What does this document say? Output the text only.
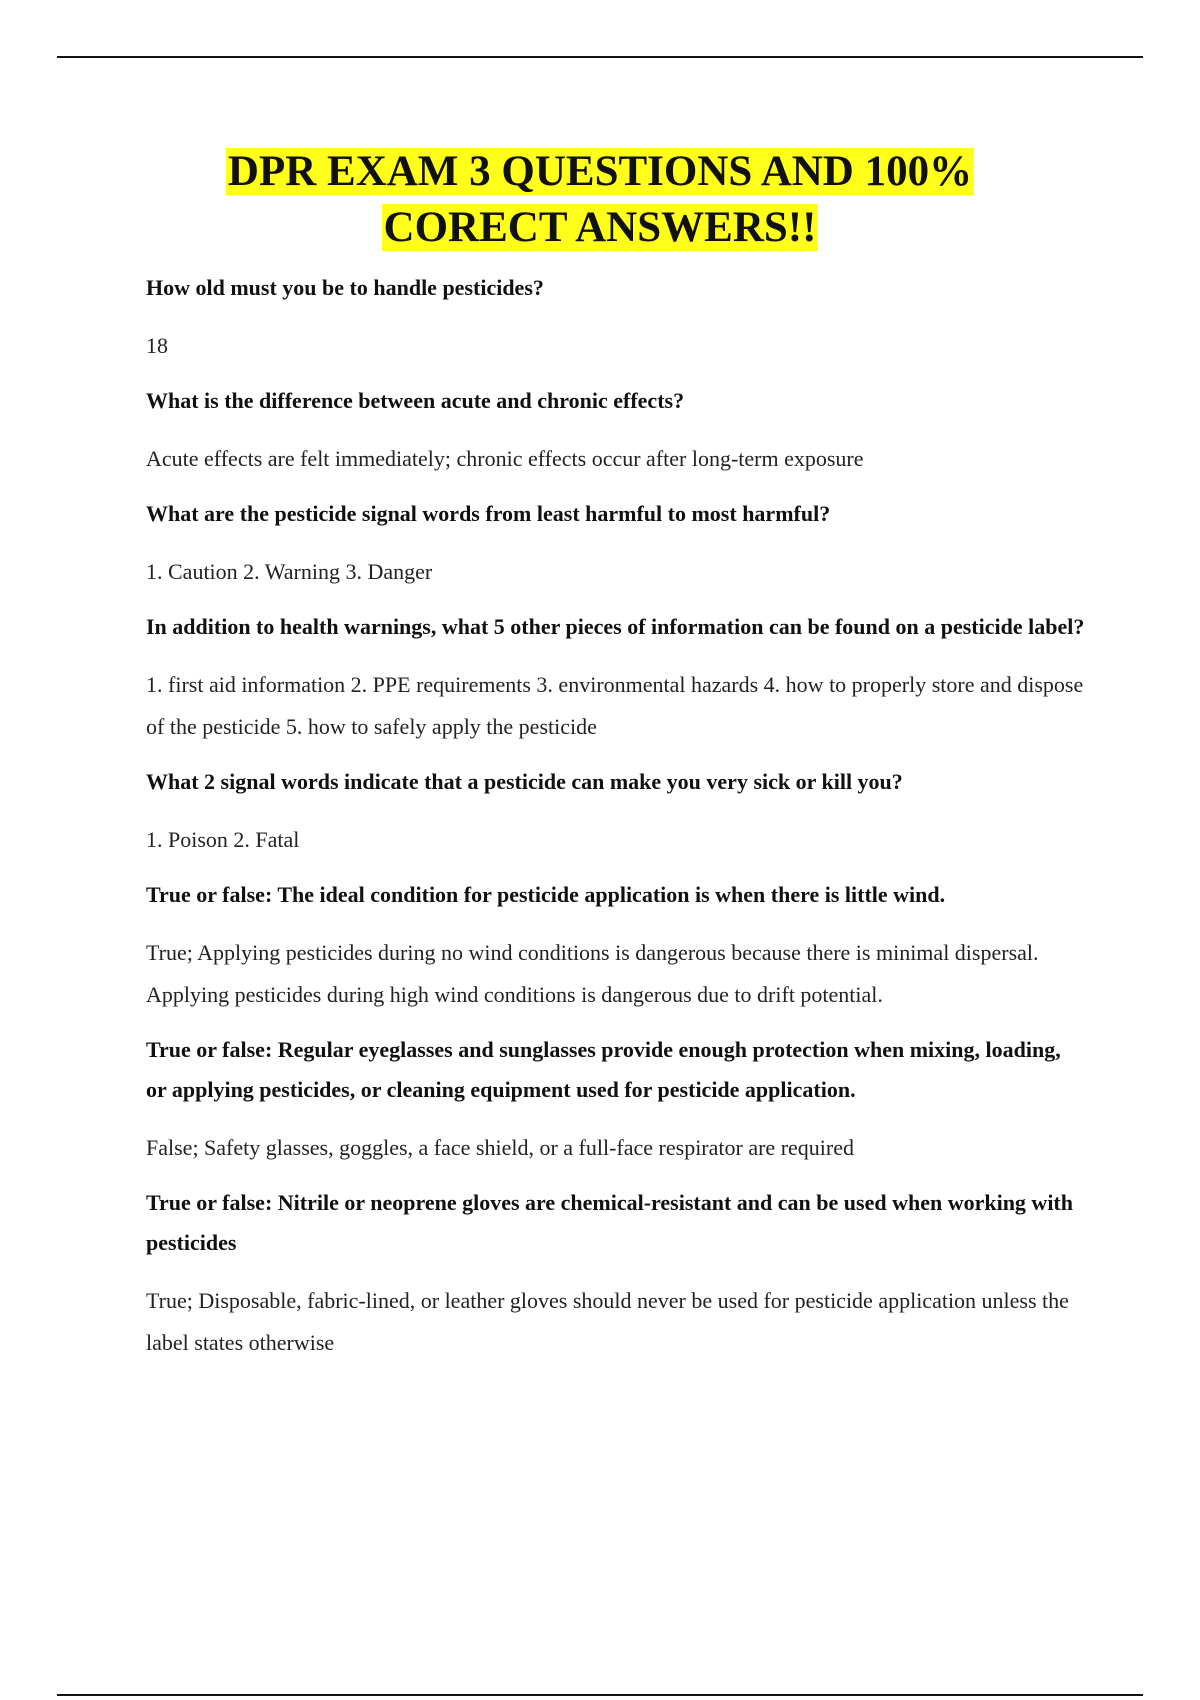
DPR EXAM 3 QUESTIONS AND 100%
CORECT ANSWERS!!

How old must you be to handle pesticides?

18

What is the difference between acute and chronic effects?

Acute effects are felt immediately; chronic effects occur after long-term exposure

What are the pesticide signal words from least harmful to most harmful?

1. Caution 2. Warning 3. Danger

In addition to health warnings, what 5 other pieces of information can be found on a pesticide label?

1. first aid information 2. PPE requirements 3. environmental hazards 4. how to properly store and dispose of the pesticide 5. how to safely apply the pesticide

What 2 signal words indicate that a pesticide can make you very sick or kill you?

1. Poison 2. Fatal

True or false: The ideal condition for pesticide application is when there is little wind.

True; Applying pesticides during no wind conditions is dangerous because there is minimal dispersal. Applying pesticides during high wind conditions is dangerous due to drift potential.

True or false: Regular eyeglasses and sunglasses provide enough protection when mixing, loading, or applying pesticides, or cleaning equipment used for pesticide application.

False; Safety glasses, goggles, a face shield, or a full-face respirator are required

True or false: Nitrile or neoprene gloves are chemical-resistant and can be used when working with pesticides

True; Disposable, fabric-lined, or leather gloves should never be used for pesticide application unless the label states otherwise
